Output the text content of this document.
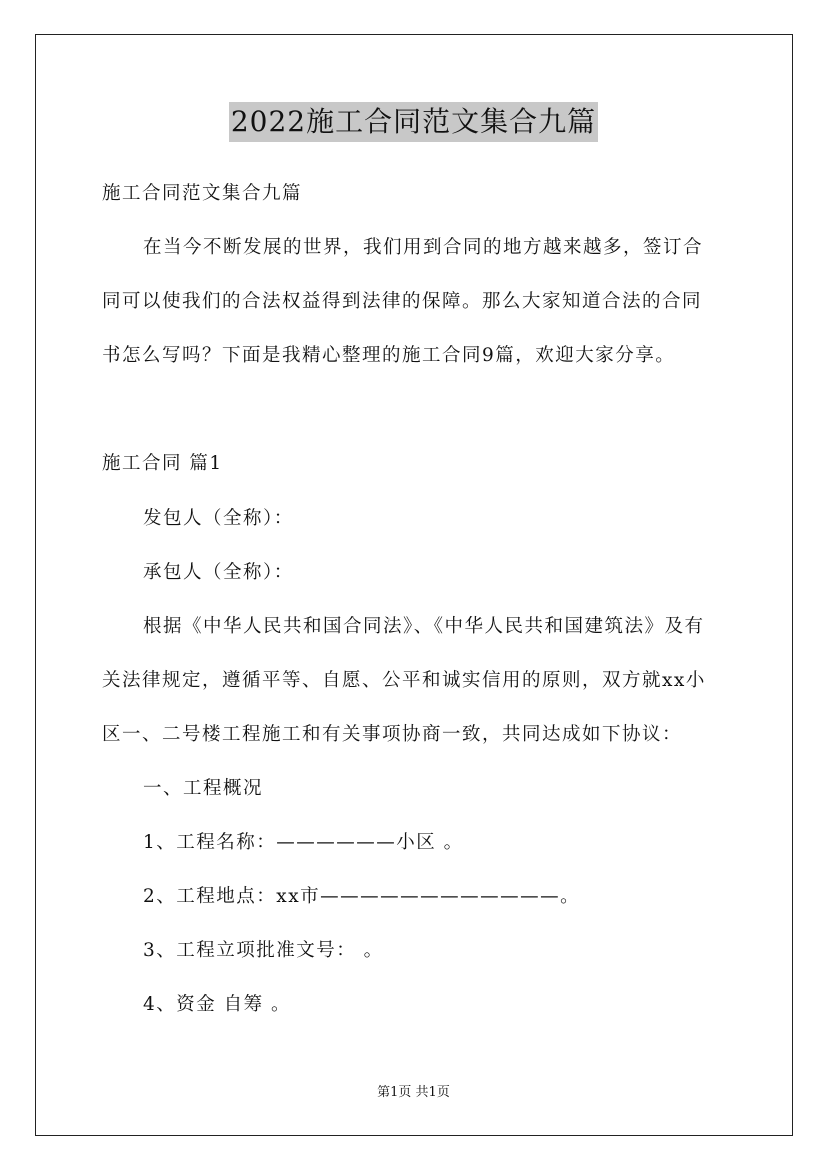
2022施工合同范文集合九篇
施工合同范文集合九篇
在当今不断发展的世界，我们用到合同的地方越来越多，签订合
同可以使我们的合法权益得到法律的保障。那么大家知道合法的合同
书怎么写吗？下面是我精心整理的施工合同9篇，欢迎大家分享。
施工合同 篇1
发包人（全称）：
承包人（全称）：
根据《中华人民共和国合同法》、《中华人民共和国建筑法》及有
关法律规定，遵循平等、自愿、公平和诚实信用的原则，双方就xx小
区一、二号楼工程施工和有关事项协商一致，共同达成如下协议：
一、工程概况
1、工程名称：——————小区 。
2、工程地点：xx市————————————。
3、工程立项批准文号： 。
4、资金 自筹 。
第1页 共1页
